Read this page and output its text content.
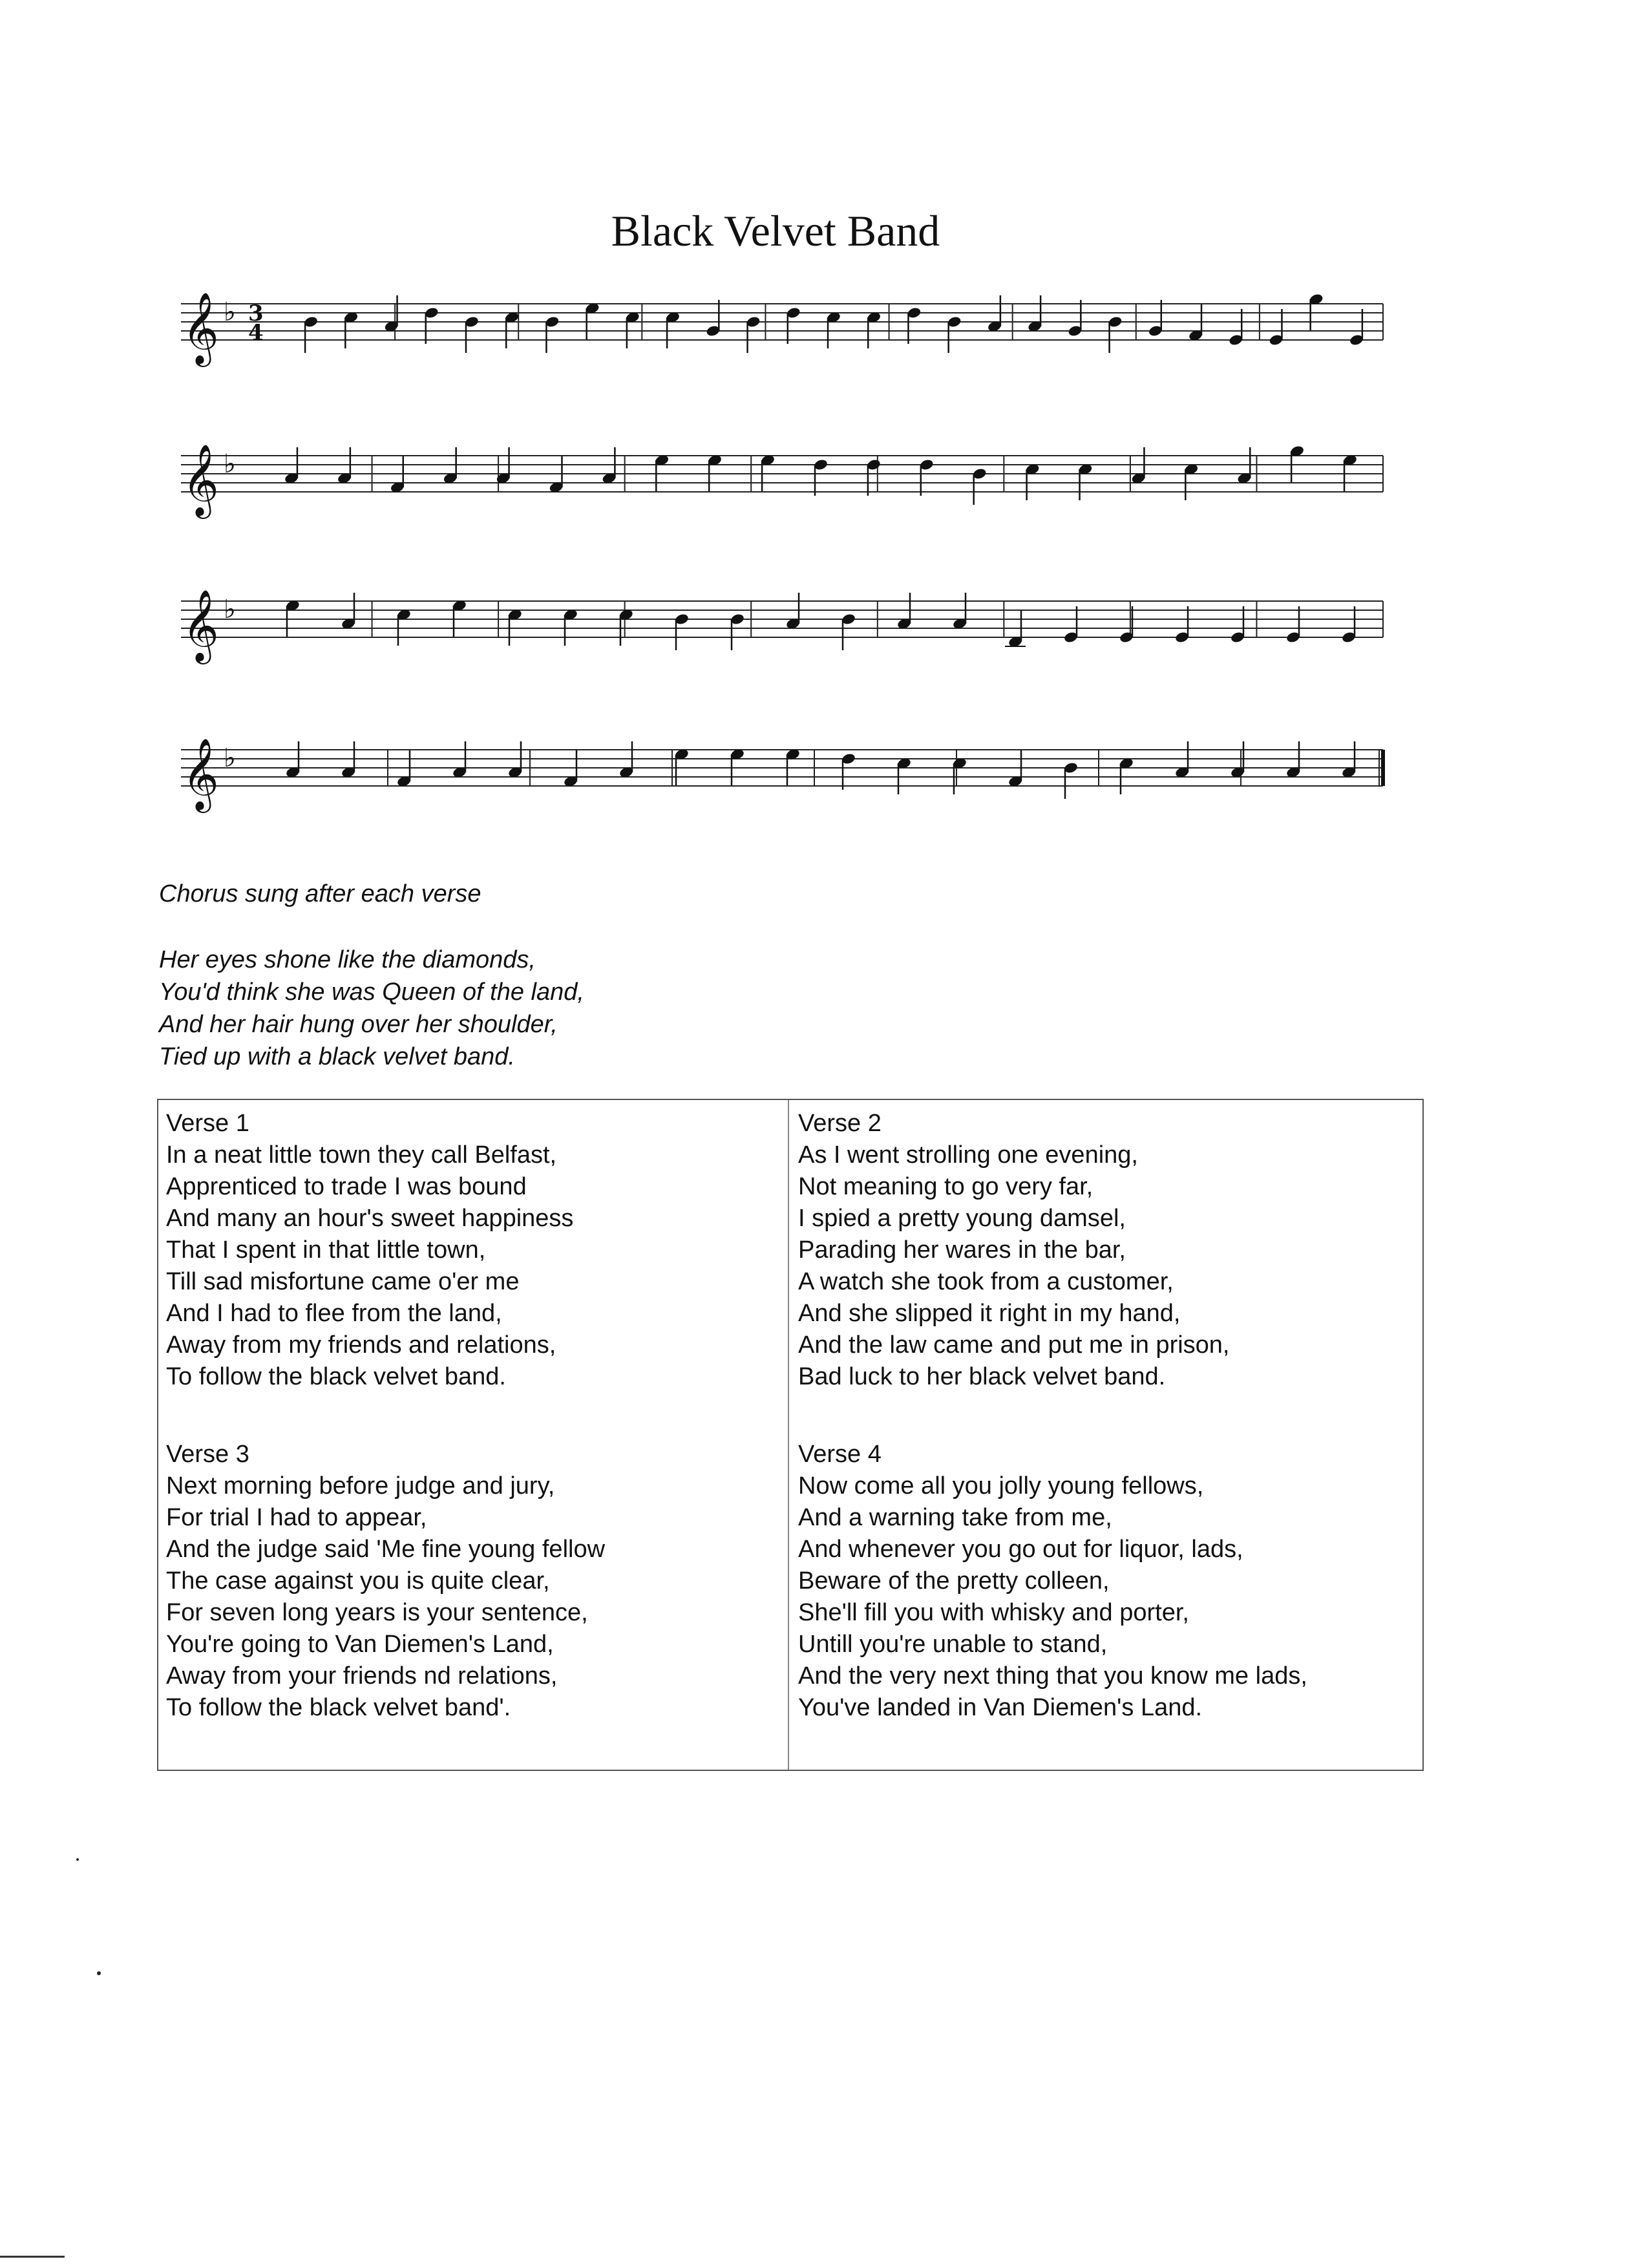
Black Velvet Band
𝄞 ♭ 3
4
𝄞 ♭
𝄞 ♭
𝄞 ♭
Chorus sung after each verse
Her eyes shone like the diamonds,
You'd think she was Queen of the land,
And her hair hung over her shoulder,
Tied up with a black velvet band.
Verse 1
In a neat little town they call Belfast,
Apprenticed to trade I was bound
And many an hour's sweet happiness
That I spent in that little town,
Till sad misfortune came o'er me
And I had to flee from the land,
Away from my friends and relations,
To follow the black velvet band.
Verse 2
As I went strolling one evening,
Not meaning to go very far,
I spied a pretty young damsel,
Parading her wares in the bar,
A watch she took from a customer,
And she slipped it right in my hand,
And the law came and put me in prison,
Bad luck to her black velvet band.
Verse 3
Next morning before judge and jury,
For trial I had to appear,
And the judge said 'Me fine young fellow
The case against you is quite clear,
For seven long years is your sentence,
You're going to Van Diemen's Land,
Away from your friends nd relations,
To follow the black velvet band'.
Verse 4
Now come all you jolly young fellows,
And a warning take from me,
And whenever you go out for liquor, lads,
Beware of the pretty colleen,
She'll fill you with whisky and porter,
Untill you're unable to stand,
And the very next thing that you know me lads,
You've landed in Van Diemen's Land.
